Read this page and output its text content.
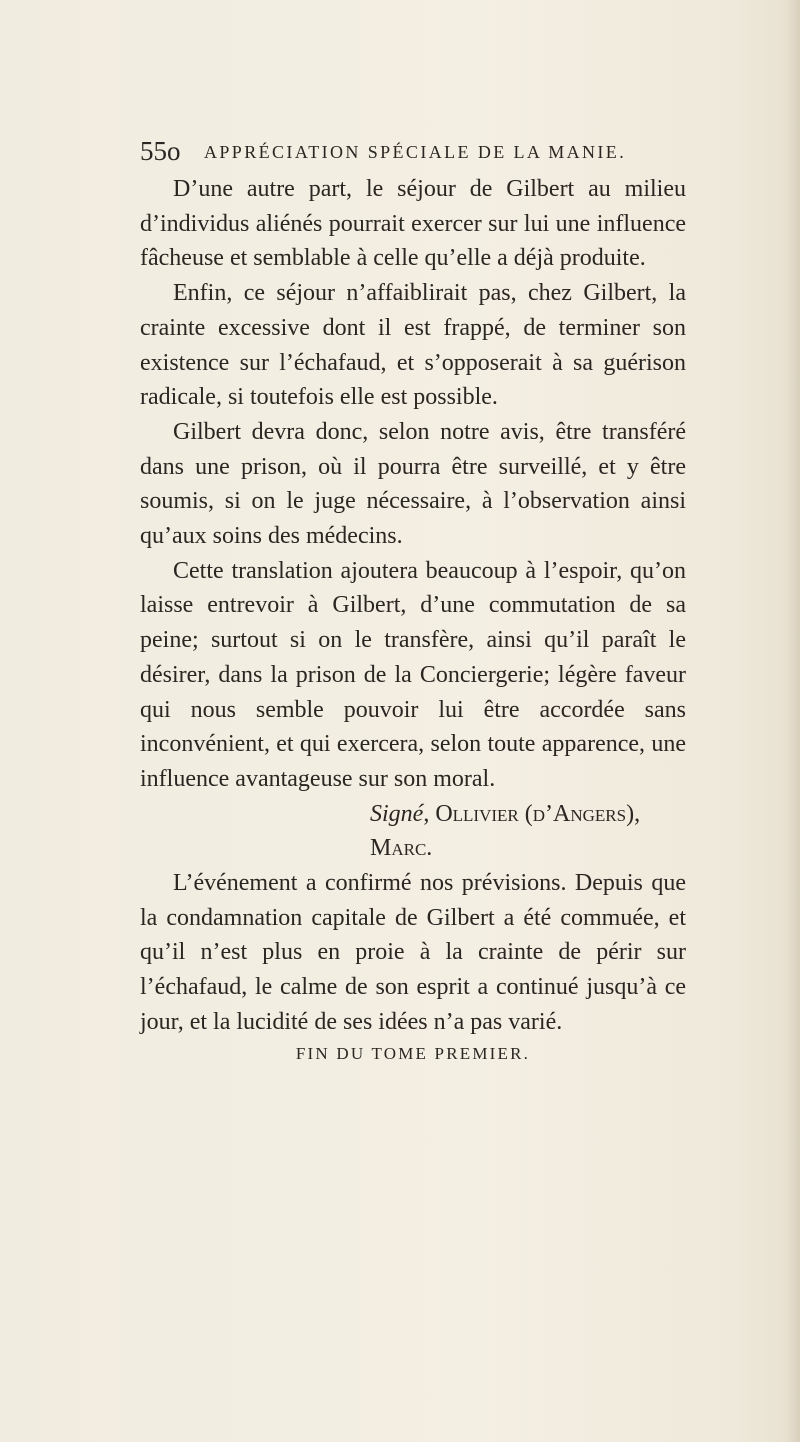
55o APPRÉCIATION SPÉCIALE DE LA MANIE.

D’une autre part, le séjour de Gilbert au milieu d’individus aliénés pourrait exercer sur lui une influence fâcheuse et semblable à celle qu’elle a déjà produite.

Enfin, ce séjour n’affaiblirait pas, chez Gilbert, la crainte excessive dont il est frappé, de terminer son existence sur l’échafaud, et s’opposerait à sa guérison radicale, si toutefois elle est possible.

Gilbert devra donc, selon notre avis, être transféré dans une prison, où il pourra être surveillé, et y être soumis, si on le juge nécessaire, à l’observation ainsi qu’aux soins des médecins.

Cette translation ajoutera beaucoup à l’espoir, qu’on laisse entrevoir à Gilbert, d’une commutation de sa peine; surtout si on le transfère, ainsi qu’il paraît le désirer, dans la prison de la Conciergerie; légère faveur qui nous semble pouvoir lui être accordée sans inconvénient, et qui exercera, selon toute apparence, une influence avantageuse sur son moral.

Signé, Ollivier (d’Angers), Marc.

L’événement a confirmé nos prévisions. Depuis que la condamnation capitale de Gilbert a été commuée, et qu’il n’est plus en proie à la crainte de périr sur l’échafaud, le calme de son esprit a continué jusqu’à ce jour, et la lucidité de ses idées n’a pas varié.

FIN DU TOME PREMIER.
